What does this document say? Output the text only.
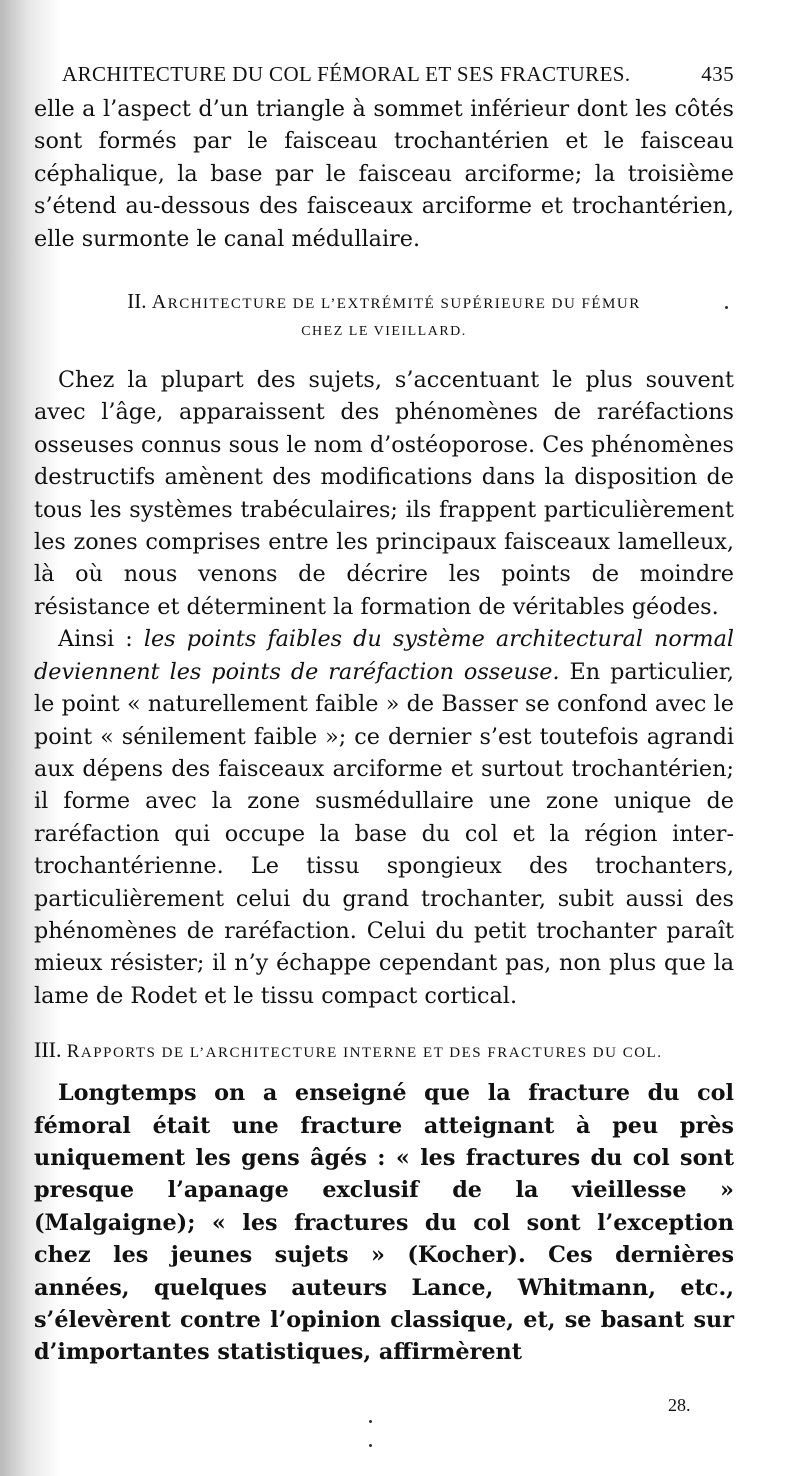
ARCHITECTURE DU COL FÉMORAL ET SES FRACTURES.	435

elle a l’aspect d’un triangle à sommet inférieur dont les côtés sont formés par le faisceau trochantérien et le faisceau céphalique, la base par le faisceau arciforme; la troisième s’étend au-dessous des faisceaux arciforme et trochantérien, elle surmonte le canal médullaire.

II. ARCHITECTURE DE L’EXTRÉMITÉ SUPÉRIEURE DU FÉMUR
CHEZ LE VIEILLARD.

Chez la plupart des sujets, s’accentuant le plus souvent avec l’âge, apparaissent des phénomènes de raréfactions osseuses connus sous le nom d’ostéoporose. Ces phénomènes destructifs amènent des modifications dans la disposition de tous les systèmes trabéculaires; ils frappent particulièrement les zones comprises entre les principaux faisceaux lamelleux, là où nous venons de décrire les points de moindre résistance et déterminent la formation de véritables géodes.

Ainsi : les points faibles du système architectural normal deviennent les points de raréfaction osseuse. En particulier, le point « naturellement faible » de Basser se confond avec le point « sénilement faible »; ce dernier s’est toutefois agrandi aux dépens des faisceaux arciforme et surtout trochantérien; il forme avec la zone susmédullaire une zone unique de raréfaction qui occupe la base du col et la région inter-trochantérienne. Le tissu spongieux des trochanters, particulièrement celui du grand trochanter, subit aussi des phénomènes de raréfaction. Celui du petit trochanter paraît mieux résister; il n’y échappe cependant pas, non plus que la lame de Rodet et le tissu compact cortical.

III. RAPPORTS DE L’ARCHITECTURE INTERNE ET DES FRACTURES DU COL.

Longtemps on a enseigné que la fracture du col fémoral était une fracture atteignant à peu près uniquement les gens âgés : « les fractures du col sont presque l’apanage exclusif de la vieillesse » (Malgaigne); « les fractures du col sont l’exception chez les jeunes sujets » (Kocher). Ces dernières années, quelques auteurs Lance, Whitmann, etc., s’élevèrent contre l’opinion classique, et, se basant sur d’importantes statistiques, affirmèrent

28.
